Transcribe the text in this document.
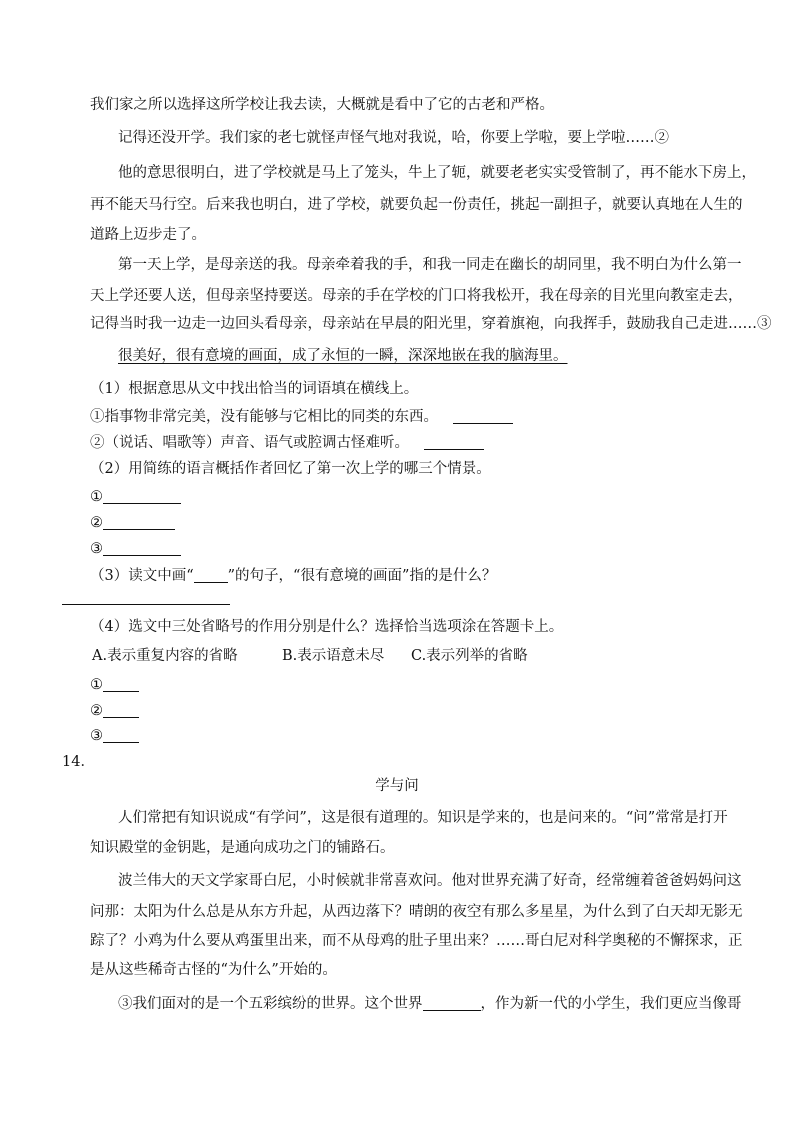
我们家之所以选择这所学校让我去读，大概就是看中了它的古老和严格。
记得还没开学。我们家的老七就怪声怪气地对我说，哈，你要上学啦，要上学啦……②
他的意思很明白，进了学校就是马上了笼头，牛上了轭，就要老老实实受管制了，再不能水下房上，
再不能天马行空。后来我也明白，进了学校，就要负起一份责任，挑起一副担子，就要认真地在人生的
道路上迈步走了。
第一天上学，是母亲送的我。母亲牵着我的手，和我一同走在幽长的胡同里，我不明白为什么第一
天上学还要人送，但母亲坚持要送。母亲的手在学校的门口将我松开，我在母亲的目光里向教室走去，
记得当时我一边走一边回头看母亲，母亲站在早晨的阳光里，穿着旗袍，向我挥手，鼓励我自己走进……③
很美好，很有意境的画面，成了永恒的一瞬，深深地嵌在我的脑海里。
（1）根据意思从文中找出恰当的词语填在横线上。
①指事物非常完美，没有能够与它相比的同类的东西。
②（说话、唱歌等）声音、语气或腔调古怪难听。
（2）用简练的语言概括作者回忆了第一次上学的哪三个情景。
①
②
③
（3）读文中画“ ”的句子，“很有意境的画面”指的是什么？
（4）选文中三处省略号的作用分别是什么？选择恰当选项涂在答题卡上。
A.表示重复内容的省略	B.表示语意未尽 C.表示列举的省略
①
②
③
14．
学与问
人们常把有知识说成“有学问”，这是很有道理的。知识是学来的，也是问来的。“问”常常是打开
知识殿堂的金钥匙，是通向成功之门的铺路石。
波兰伟大的天文学家哥白尼，小时候就非常喜欢问。他对世界充满了好奇，经常缠着爸爸妈妈问这
问那：太阳为什么总是从东方升起，从西边落下？晴朗的夜空有那么多星星，为什么到了白天却无影无
踪了？小鸡为什么要从鸡蛋里出来，而不从母鸡的肚子里出来？……哥白尼对科学奥秘的不懈探求，正
是从这些稀奇古怪的“为什么”开始的。
③我们面对的是一个五彩缤纷的世界。这个世界	，作为新一代的小学生，我们更应当像哥
